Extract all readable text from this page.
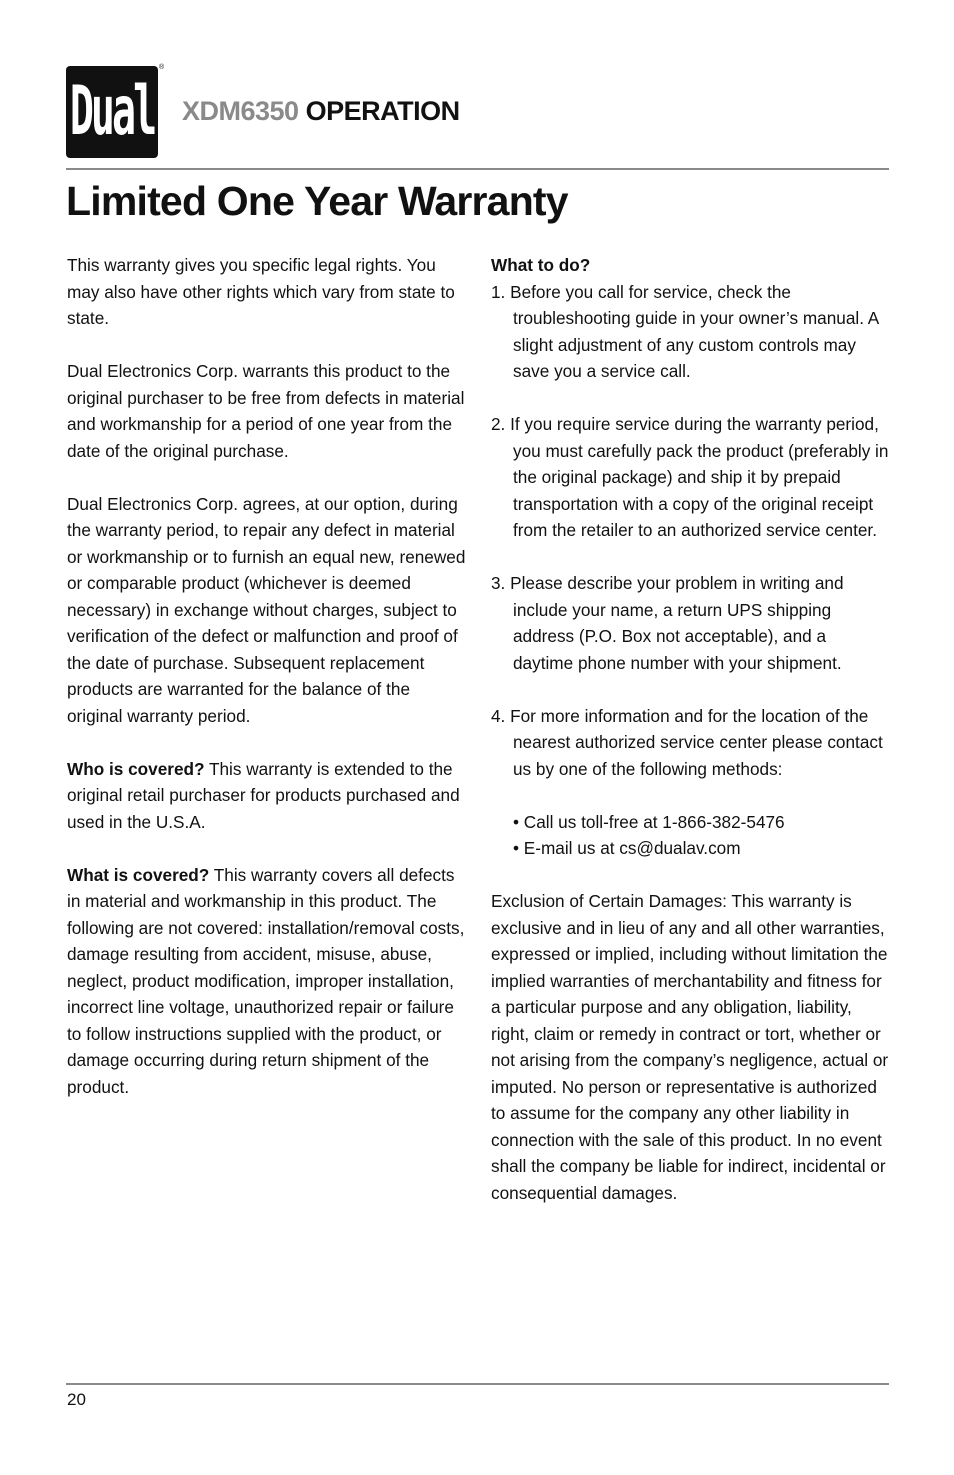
Dual
®
XDM6350 OPERATION
Limited One Year Warranty

This warranty gives you specific legal rights. You may also have other rights which vary from state to state.

Dual Electronics Corp. warrants this product to the original purchaser to be free from defects in material and workmanship for a period of one year from the date of the original purchase.

Dual Electronics Corp. agrees, at our option, during the warranty period, to repair any defect in material or workmanship or to furnish an equal new, renewed or comparable product (whichever is deemed necessary) in exchange without charges, subject to verification of the defect or malfunction and proof of the date of purchase. Subsequent replacement products are warranted for the balance of the original warranty period.

Who is covered? This warranty is extended to the original retail purchaser for products purchased and used in the U.S.A.

What is covered? This warranty covers all defects in material and workmanship in this product. The following are not covered: installation/removal costs, damage resulting from accident, misuse, abuse, neglect, product modification, improper installation, incorrect line voltage, unauthorized repair or failure to follow instructions supplied with the product, or damage occurring during return shipment of the product.

What to do?

1. Before you call for service, check the troubleshooting guide in your owner’s manual. A slight adjustment of any custom controls may save you a service call.

2. If you require service during the warranty period, you must carefully pack the product (preferably in the original package) and ship it by prepaid transportation with a copy of the original receipt from the retailer to an authorized service center.

3. Please describe your problem in writing and include your name, a return UPS shipping address (P.O. Box not acceptable), and a daytime phone number with your shipment.

4. For more information and for the location of the nearest authorized service center please contact us by one of the following methods:

• Call us toll-free at 1-866-382-5476
• E-mail us at cs@dualav.com

Exclusion of Certain Damages: This warranty is exclusive and in lieu of any and all other warranties, expressed or implied, including without limitation the implied warranties of merchantability and fitness for a particular purpose and any obligation, liability, right, claim or remedy in contract or tort, whether or not arising from the company’s negligence, actual or imputed. No person or representative is authorized to assume for the company any other liability in connection with the sale of this product. In no event shall the company be liable for indirect, incidental or consequential damages.

20
